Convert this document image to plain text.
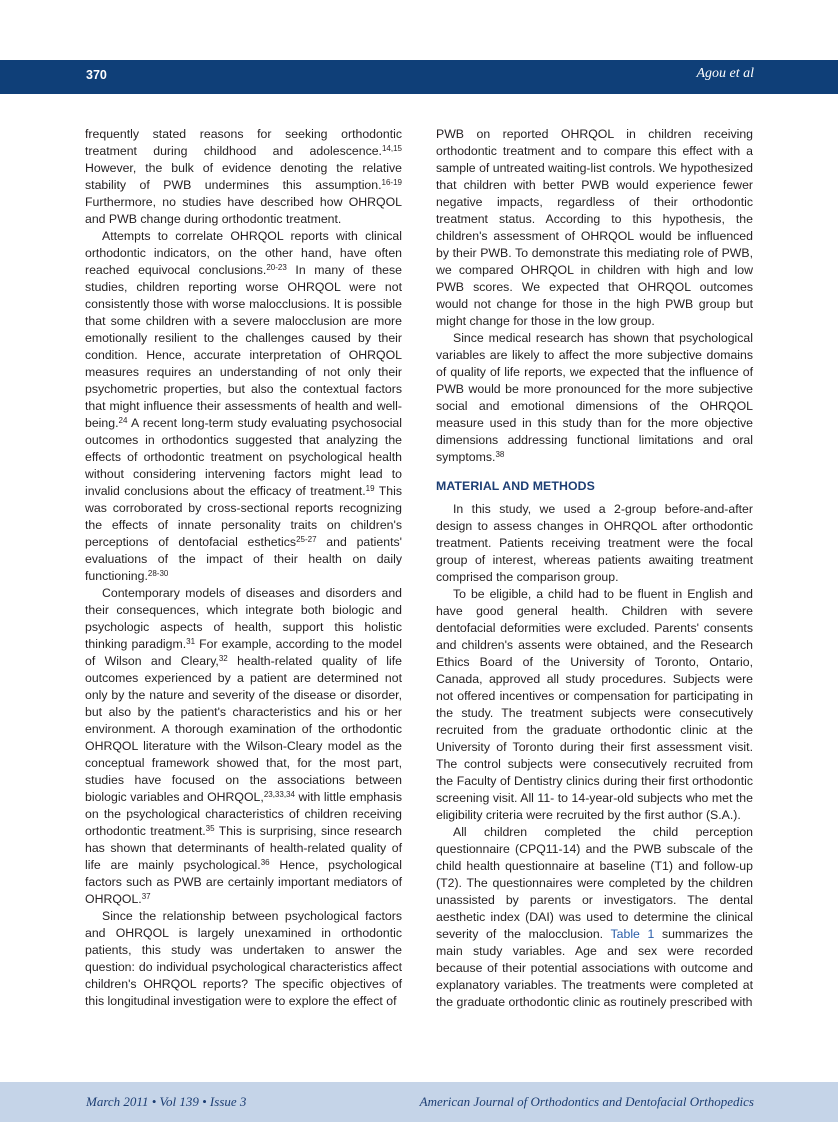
370	Agou et al

frequently stated reasons for seeking orthodontic treatment during childhood and adolescence.$^{14,15}$ However, the bulk of evidence denoting the relative stability of PWB undermines this assumption.$^{16-19}$ Furthermore, no studies have described how OHRQOL and PWB change during orthodontic treatment.

Attempts to correlate OHRQOL reports with clinical orthodontic indicators, on the other hand, have often reached equivocal conclusions.$^{20-23}$ In many of these studies, children reporting worse OHRQOL were not consistently those with worse malocclusions. It is possible that some children with a severe malocclusion are more emotionally resilient to the challenges caused by their condition. Hence, accurate interpretation of OHRQOL measures requires an understanding of not only their psychometric properties, but also the contextual factors that might influence their assessments of health and well-being.$^{24}$ A recent long-term study evaluating psychosocial outcomes in orthodontics suggested that analyzing the effects of orthodontic treatment on psychological health without considering intervening factors might lead to invalid conclusions about the efficacy of treatment.$^{19}$ This was corroborated by cross-sectional reports recognizing the effects of innate personality traits on children's perceptions of dentofacial esthetics$^{25-27}$ and patients' evaluations of the impact of their health on daily functioning.$^{28-30}$

Contemporary models of diseases and disorders and their consequences, which integrate both biologic and psychologic aspects of health, support this holistic thinking paradigm.$^{31}$ For example, according to the model of Wilson and Cleary,$^{32}$ health-related quality of life outcomes experienced by a patient are determined not only by the nature and severity of the disease or disorder, but also by the patient's characteristics and his or her environment. A thorough examination of the orthodontic OHRQOL literature with the Wilson-Cleary model as the conceptual framework showed that, for the most part, studies have focused on the associations between biologic variables and OHRQOL,$^{23,33,34}$ with little emphasis on the psychological characteristics of children receiving orthodontic treatment.$^{35}$ This is surprising, since research has shown that determinants of health-related quality of life are mainly psychological.$^{36}$ Hence, psychological factors such as PWB are certainly important mediators of OHRQOL.$^{37}$

Since the relationship between psychological factors and OHRQOL is largely unexamined in orthodontic patients, this study was undertaken to answer the question: do individual psychological characteristics affect children's OHRQOL reports? The specific objectives of this longitudinal investigation were to explore the effect of

PWB on reported OHRQOL in children receiving orthodontic treatment and to compare this effect with a sample of untreated waiting-list controls. We hypothesized that children with better PWB would experience fewer negative impacts, regardless of their orthodontic treatment status. According to this hypothesis, the children's assessment of OHRQOL would be influenced by their PWB. To demonstrate this mediating role of PWB, we compared OHRQOL in children with high and low PWB scores. We expected that OHRQOL outcomes would not change for those in the high PWB group but might change for those in the low group.

Since medical research has shown that psychological variables are likely to affect the more subjective domains of quality of life reports, we expected that the influence of PWB would be more pronounced for the more subjective social and emotional dimensions of the OHRQOL measure used in this study than for the more objective dimensions addressing functional limitations and oral symptoms.$^{38}$

MATERIAL AND METHODS

In this study, we used a 2-group before-and-after design to assess changes in OHRQOL after orthodontic treatment. Patients receiving treatment were the focal group of interest, whereas patients awaiting treatment comprised the comparison group.

To be eligible, a child had to be fluent in English and have good general health. Children with severe dentofacial deformities were excluded. Parents' consents and children's assents were obtained, and the Research Ethics Board of the University of Toronto, Ontario, Canada, approved all study procedures. Subjects were not offered incentives or compensation for participating in the study. The treatment subjects were consecutively recruited from the graduate orthodontic clinic at the University of Toronto during their first assessment visit. The control subjects were consecutively recruited from the Faculty of Dentistry clinics during their first orthodontic screening visit. All 11- to 14-year-old subjects who met the eligibility criteria were recruited by the first author (S.A.).

All children completed the child perception questionnaire (CPQ11-14) and the PWB subscale of the child health questionnaire at baseline (T1) and follow-up (T2). The questionnaires were completed by the children unassisted by parents or investigators. The dental aesthetic index (DAI) was used to determine the clinical severity of the malocclusion. Table 1 summarizes the main study variables. Age and sex were recorded because of their potential associations with outcome and explanatory variables. The treatments were completed at the graduate orthodontic clinic as routinely prescribed with

March 2011 • Vol 139 • Issue 3	American Journal of Orthodontics and Dentofacial Orthopedics
